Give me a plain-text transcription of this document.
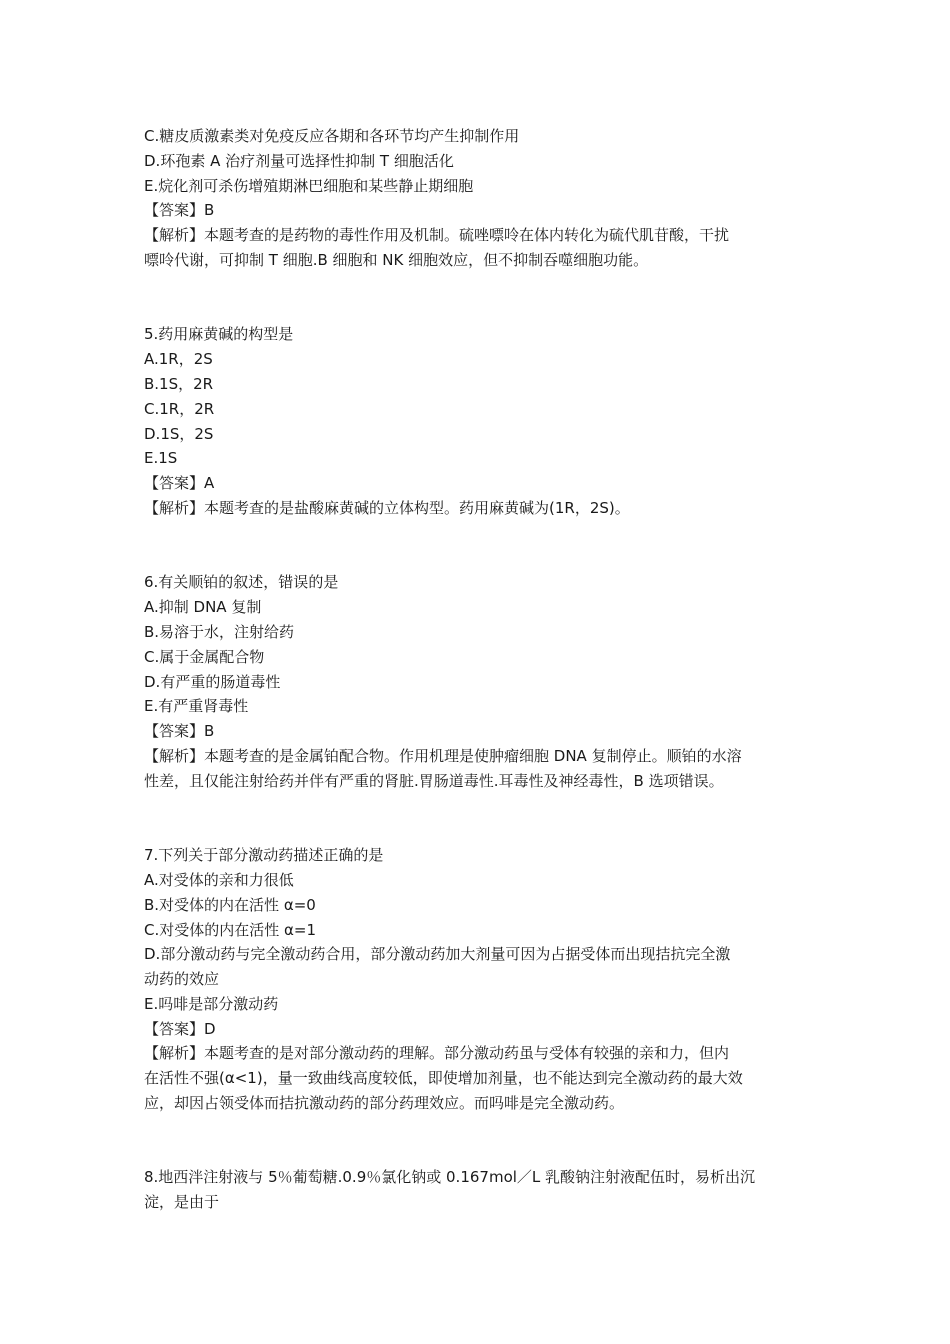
C.糖皮质激素类对免疫反应各期和各环节均产生抑制作用

D.环孢素 A 治疗剂量可选择性抑制 T 细胞活化

E.烷化剂可杀伤增殖期淋巴细胞和某些静止期细胞

【答案】B

【解析】本题考查的是药物的毒性作用及机制。硫唑嘌呤在体内转化为硫代肌苷酸，干扰

嘌呤代谢，可抑制 T 细胞.B 细胞和 NK 细胞效应，但不抑制吞噬细胞功能。

5.药用麻黄碱的构型是

A.1R，2S

B.1S，2R

C.1R，2R

D.1S，2S

E.1S

【答案】A

【解析】本题考查的是盐酸麻黄碱的立体构型。药用麻黄碱为(1R，2S)。

6.有关顺铂的叙述，错误的是

A.抑制 DNA 复制

B.易溶于水，注射给药

C.属于金属配合物

D.有严重的肠道毒性

E.有严重肾毒性

【答案】B

【解析】本题考查的是金属铂配合物。作用机理是使肿瘤细胞 DNA 复制停止。顺铂的水溶

性差，且仅能注射给药并伴有严重的肾脏.胃肠道毒性.耳毒性及神经毒性，B 选项错误。

7.下列关于部分激动药描述正确的是

A.对受体的亲和力很低

B.对受体的内在活性 α=0

C.对受体的内在活性 α=1

D.部分激动药与完全激动药合用，部分激动药加大剂量可因为占据受体而出现拮抗完全激

动药的效应

E.吗啡是部分激动药

【答案】D

【解析】本题考查的是对部分激动药的理解。部分激动药虽与受体有较强的亲和力，但内

在活性不强(α<1)，量一致曲线高度较低，即使增加剂量，也不能达到完全激动药的最大效

应，却因占领受体而拮抗激动药的部分药理效应。而吗啡是完全激动药。

8.地西泮注射液与 5％葡萄糖.0.9％氯化钠或 0.167mol／L 乳酸钠注射液配伍时，易析出沉

淀，是由于
